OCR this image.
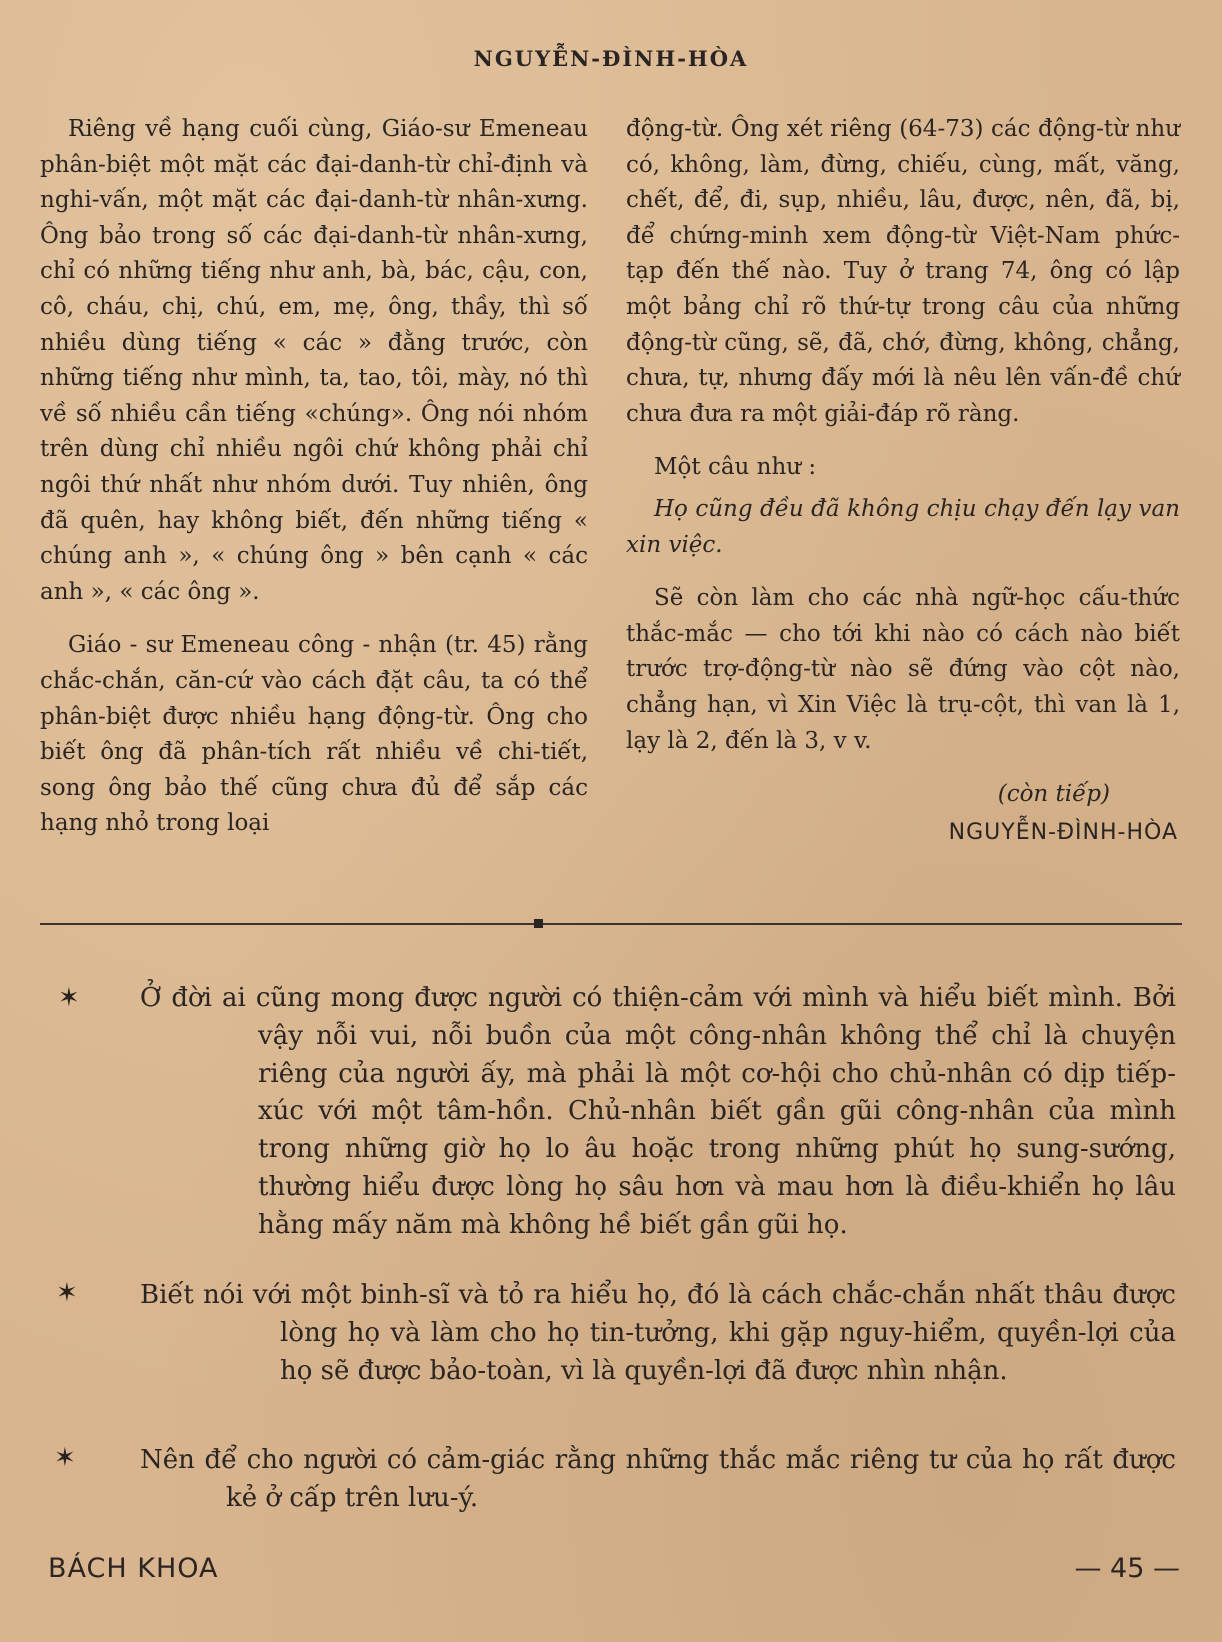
NGUYỄN-ĐÌNH-HÒA

Riêng về hạng cuối cùng, Giáo-sư Emeneau phân-biệt một mặt các đại-danh-từ chỉ-định và nghi-vấn, một mặt các đại-danh-từ nhân-xưng. Ông bảo trong số các đại-danh-từ nhân-xưng, chỉ có những tiếng như anh, bà, bác, cậu, con, cô, cháu, chị, chú, em, mẹ, ông, thầy, thì số nhiều dùng tiếng « các » đằng trước, còn những tiếng như mình, ta, tao, tôi, mày, nó thì về số nhiều cần tiếng «chúng». Ông nói nhóm trên dùng chỉ nhiều ngôi chứ không phải chỉ ngôi thứ nhất như nhóm dưới. Tuy nhiên, ông đã quên, hay không biết, đến những tiếng « chúng anh », « chúng ông » bên cạnh « các anh », « các ông ».

Giáo - sư Emeneau công - nhận (tr. 45) rằng chắc-chắn, căn-cứ vào cách đặt câu, ta có thể phân-biệt được nhiều hạng động-từ. Ông cho biết ông đã phân-tích rất nhiều về chi-tiết, song ông bảo thế cũng chưa đủ để sắp các hạng nhỏ trong loại

động-từ. Ông xét riêng (64-73) các động-từ như có, không, làm, đừng, chiếu, cùng, mất, văng, chết, để, đi, sụp, nhiều, lâu, được, nên, đã, bị, để chứng-minh xem động-từ Việt-Nam phức-tạp đến thế nào. Tuy ở trang 74, ông có lập một bảng chỉ rõ thứ-tự trong câu của những động-từ cũng, sẽ, đã, chớ, đừng, không, chẳng, chưa, tự, nhưng đấy mới là nêu lên vấn-đề chứ chưa đưa ra một giải-đáp rõ ràng.

Một câu như :

Họ cũng đều đã không chịu chạy đến lạy van xin việc.

Sẽ còn làm cho các nhà ngữ-học cấu-thức thắc-mắc — cho tới khi nào có cách nào biết trước trợ-động-từ nào sẽ đứng vào cột nào, chẳng hạn, vì Xin Việc là trụ-cột, thì van là 1, lạy là 2, đến là 3, v v.

(còn tiếp)
NGUYỄN-ĐÌNH-HÒA
✶ Ở đời ai cũng mong được người có thiện-cảm với mình và hiểu biết mình. Bởi vậy nỗi vui, nỗi buồn của một công-nhân không thể chỉ là chuyện riêng của người ấy, mà phải là một cơ-hội cho chủ-nhân có dịp tiếp-xúc với một tâm-hồn. Chủ-nhân biết gần gũi công-nhân của mình trong những giờ họ lo âu hoặc trong những phút họ sung-sướng, thường hiểu được lòng họ sâu hơn và mau hơn là điều-khiển họ lâu hằng mấy năm mà không hề biết gần gũi họ.
✶ Biết nói với một binh-sĩ và tỏ ra hiểu họ, đó là cách chắc-chắn nhất thâu được lòng họ và làm cho họ tin-tưởng, khi gặp nguy-hiểm, quyền-lợi của họ sẽ được bảo-toàn, vì là quyền-lợi đã được nhìn nhận.
✶ Nên để cho người có cảm-giác rằng những thắc mắc riêng tư của họ rất được kẻ ở cấp trên lưu-ý.
BÁCH KHOA	— 45 —
